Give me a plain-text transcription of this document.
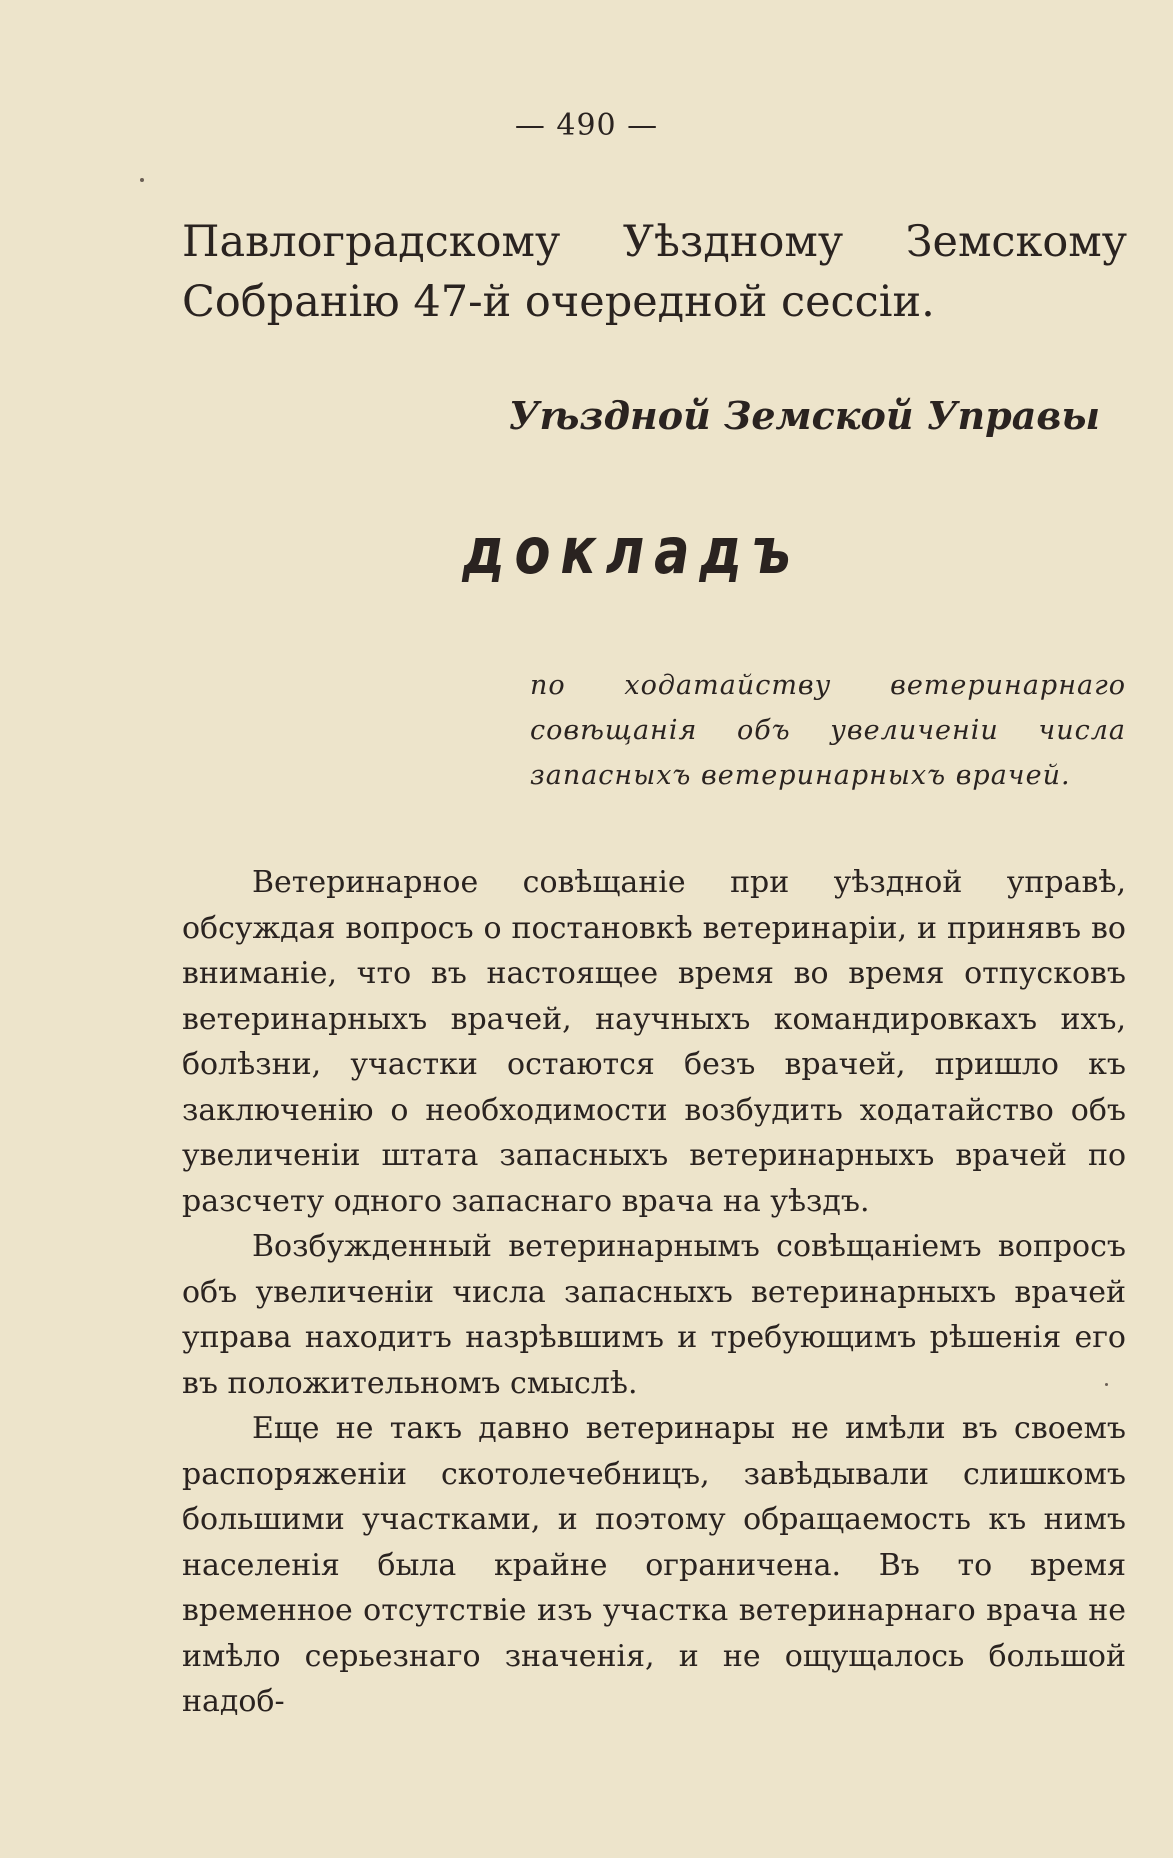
— 490 —
Павлоградскому Уѣздному Земскому Собранію 47-й очередной сессіи.
Уѣздной Земской Управы
докладъ
по ходатайству ветеринарнаго совѣщанія объ увеличеніи числа запасныхъ ветеринарныхъ врачей.

Ветеринарное совѣщаніе при уѣздной управѣ, обсуждая вопросъ о постановкѣ ветеринаріи, и принявъ во вниманіе, что въ настоящее время во время отпусковъ ветеринарныхъ врачей, научныхъ командировкахъ ихъ, болѣзни, участки остаются безъ врачей, пришло къ заключенію о необходимости возбудить ходатайство объ увеличеніи штата запасныхъ ветеринарныхъ врачей по разсчету одного запаснаго врача на уѣздъ.

Возбужденный ветеринарнымъ совѣщаніемъ вопросъ объ увеличеніи числа запасныхъ ветеринарныхъ врачей управа находитъ назрѣвшимъ и требующимъ рѣшенія его въ положительномъ смыслѣ.

Еще не такъ давно ветеринары не имѣли въ своемъ распоряженіи скотолечебницъ, завѣдывали слишкомъ большими участками, и поэтому обращаемость къ нимъ населенія была крайне ограничена. Въ то время временное отсутствіе изъ участка ветеринарнаго врача не имѣло серьезнаго значенія, и не ощущалось большой надоб-
